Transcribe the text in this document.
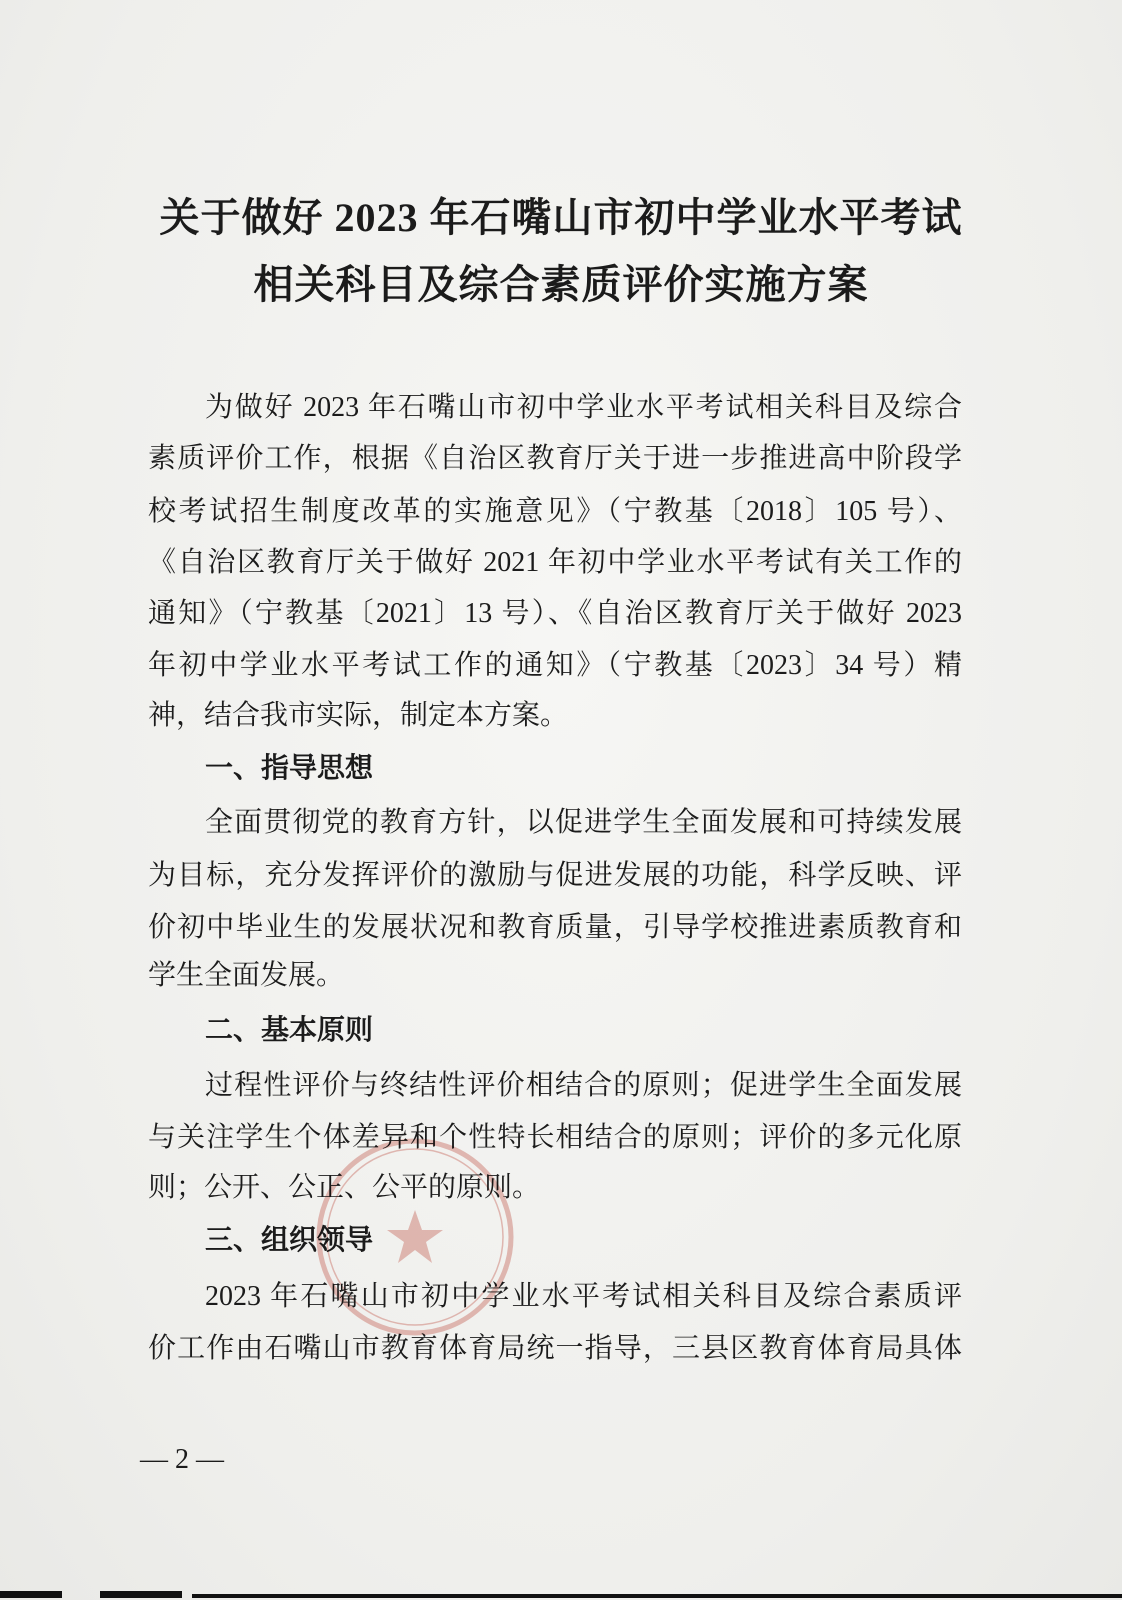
关于做好 2023 年石嘴山市初中学业水平考试
相关科目及综合素质评价实施方案
为做好 2023 年石嘴山市初中学业水平考试相关科目及综合
素质评价工作，根据《自治区教育厅关于进一步推进高中阶段学
校考试招生制度改革的实施意见》（宁教基〔2018〕105 号）、
《自治区教育厅关于做好 2021 年初中学业水平考试有关工作的
通知》（宁教基〔2021〕13 号）、《自治区教育厅关于做好 2023
年初中学业水平考试工作的通知》（宁教基〔2023〕34 号）精
神，结合我市实际，制定本方案。
一、指导思想
全面贯彻党的教育方针，以促进学生全面发展和可持续发展
为目标，充分发挥评价的激励与促进发展的功能，科学反映、评
价初中毕业生的发展状况和教育质量，引导学校推进素质教育和
学生全面发展。
二、基本原则
过程性评价与终结性评价相结合的原则；促进学生全面发展
与关注学生个体差异和个性特长相结合的原则；评价的多元化原
则；公开、公正、公平的原则。
三、组织领导
2023 年石嘴山市初中学业水平考试相关科目及综合素质评
价工作由石嘴山市教育体育局统一指导，三县区教育体育局具体
— 2 —
